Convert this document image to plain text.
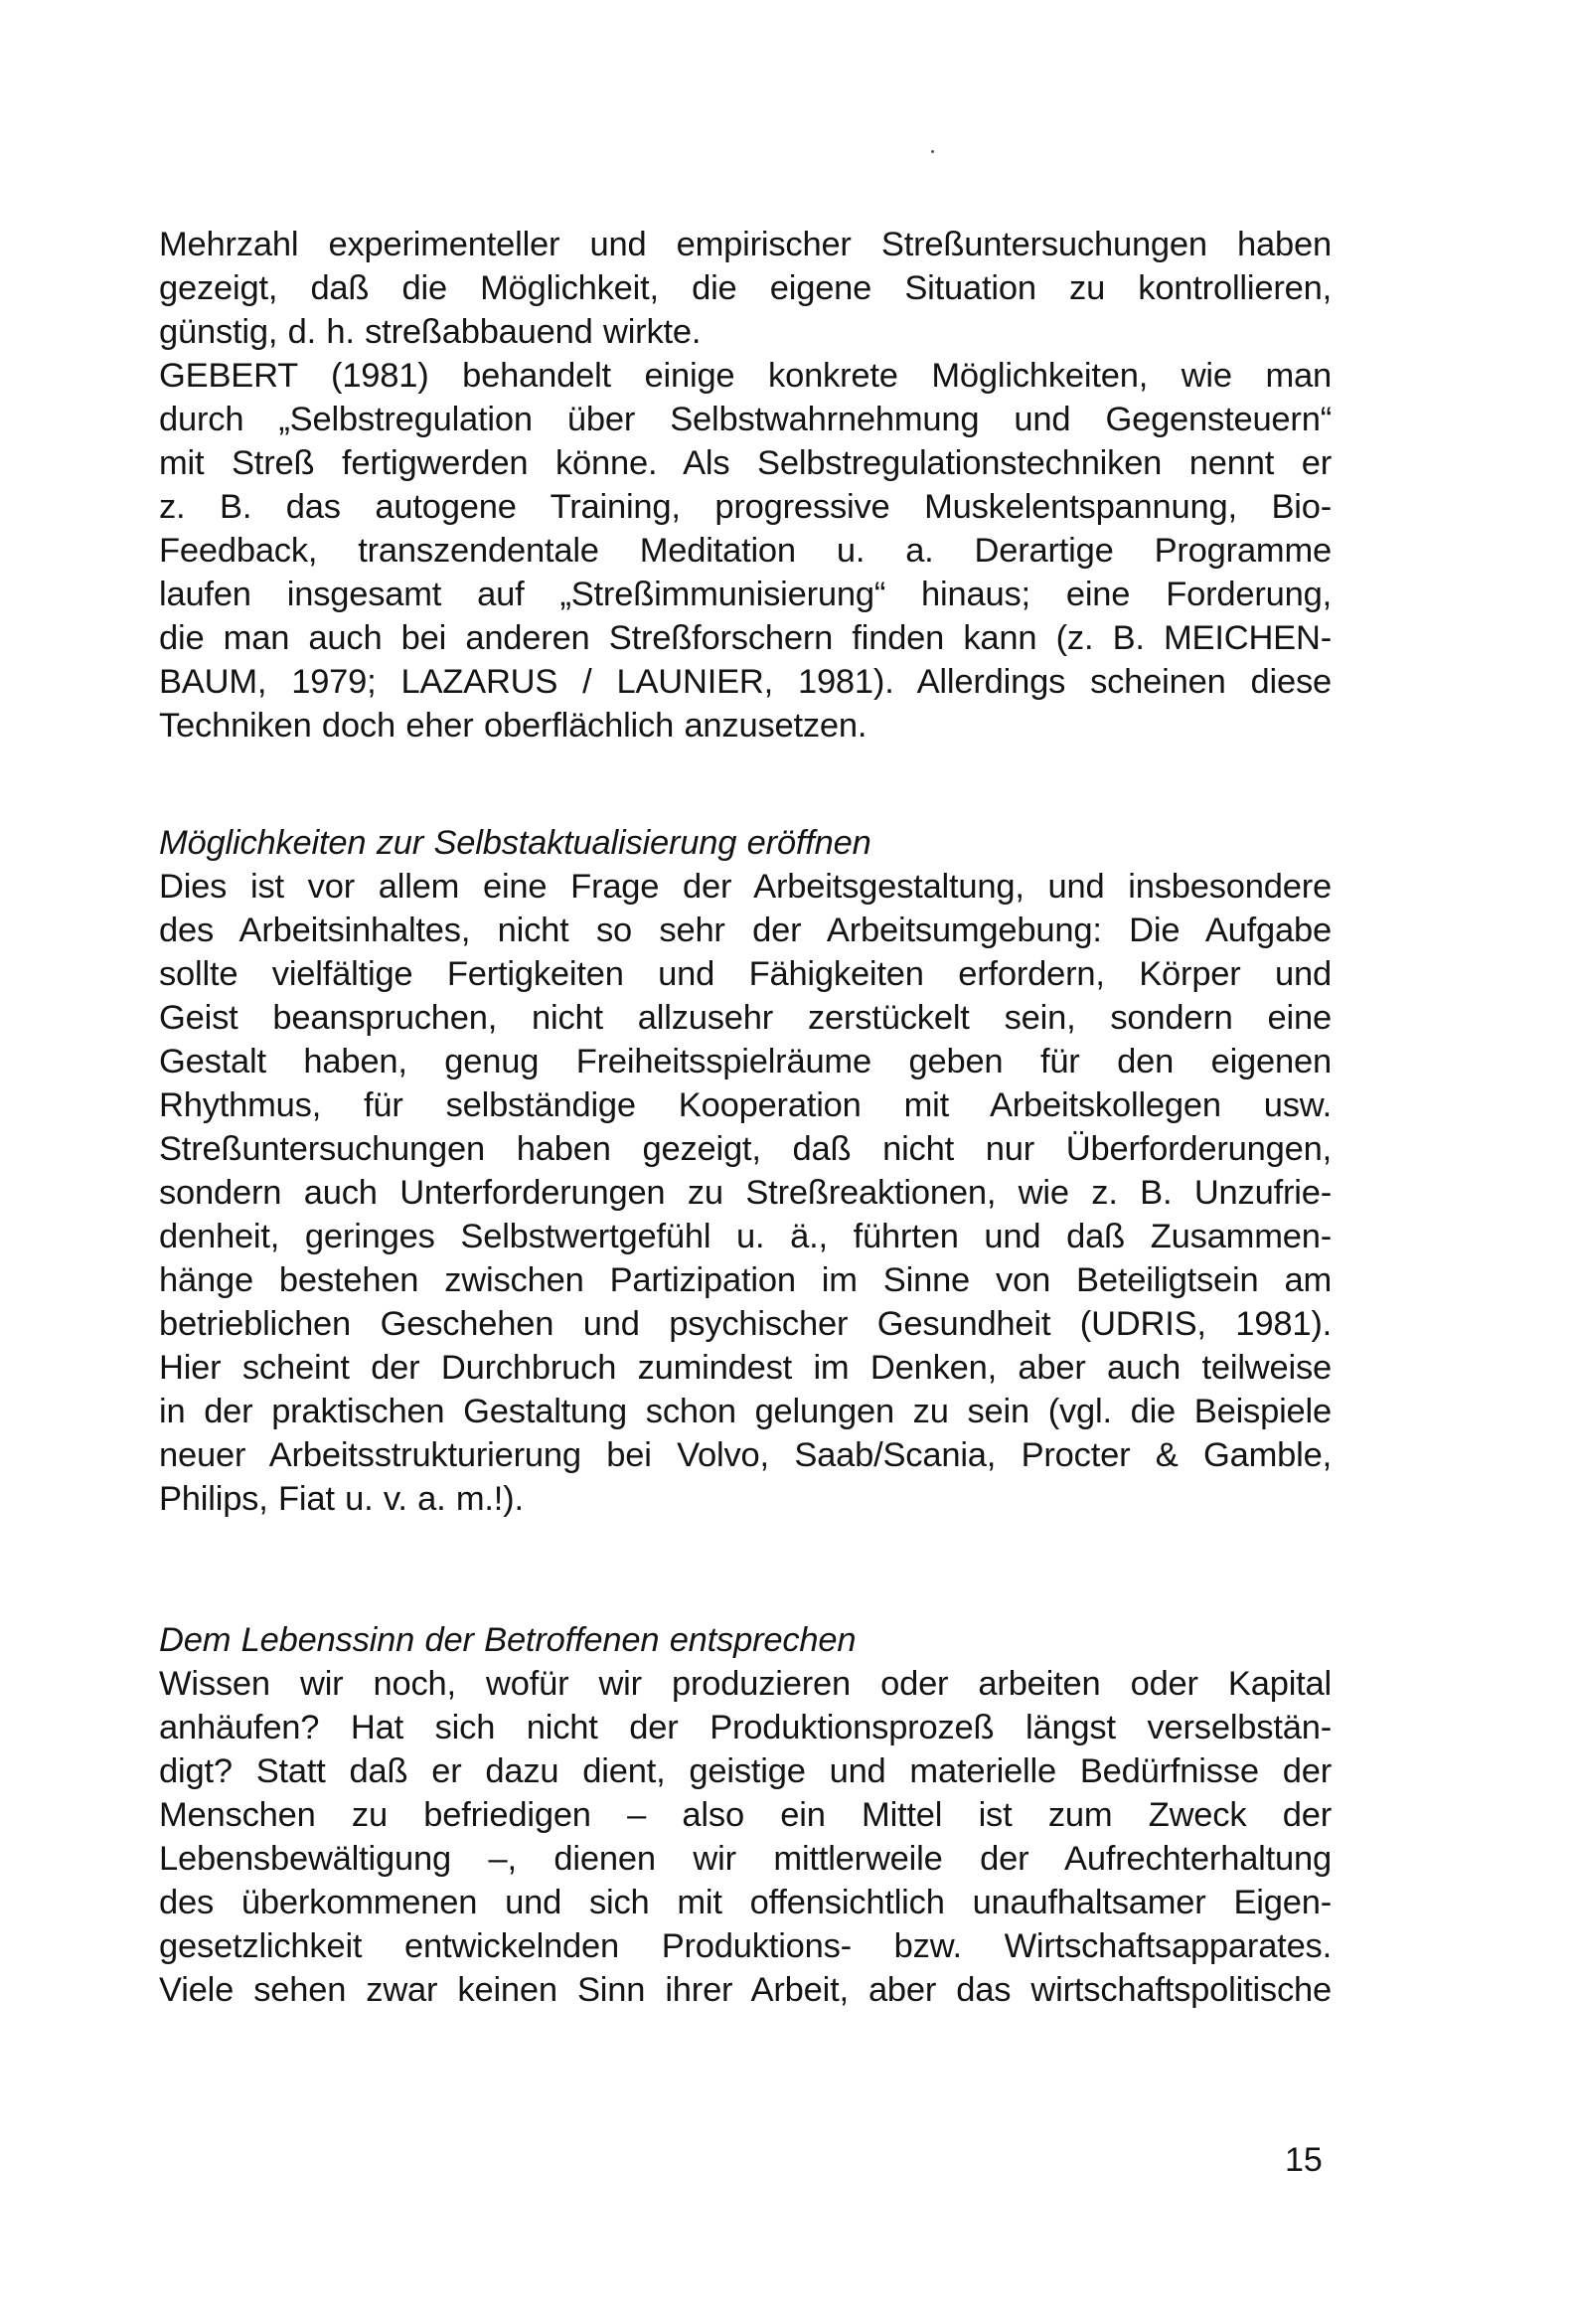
Mehrzahl experimenteller und empirischer Streßuntersuchungen haben
gezeigt, daß die Möglichkeit, die eigene Situation zu kontrollieren,
günstig, d. h. streßabbauend wirkte.
GEBERT (1981) behandelt einige konkrete Möglichkeiten, wie man
durch „Selbstregulation über Selbstwahrnehmung und Gegensteuern“
mit Streß fertigwerden könne. Als Selbstregulationstechniken nennt er
z. B. das autogene Training, progressive Muskelentspannung, Bio-
Feedback, transzendentale Meditation u. a. Derartige Programme
laufen insgesamt auf „Streßimmunisierung“ hinaus; eine Forderung,
die man auch bei anderen Streßforschern finden kann (z. B. MEICHEN-
BAUM, 1979; LAZARUS / LAUNIER, 1981). Allerdings scheinen diese
Techniken doch eher oberflächlich anzusetzen.
Möglichkeiten zur Selbstaktualisierung eröffnen
Dies ist vor allem eine Frage der Arbeitsgestaltung, und insbesondere
des Arbeitsinhaltes, nicht so sehr der Arbeitsumgebung: Die Aufgabe
sollte vielfältige Fertigkeiten und Fähigkeiten erfordern, Körper und
Geist beanspruchen, nicht allzusehr zerstückelt sein, sondern eine
Gestalt haben, genug Freiheitsspielräume geben für den eigenen
Rhythmus, für selbständige Kooperation mit Arbeitskollegen usw.
Streßuntersuchungen haben gezeigt, daß nicht nur Überforderungen,
sondern auch Unterforderungen zu Streßreaktionen, wie z. B. Unzufrie-
denheit, geringes Selbstwertgefühl u. ä., führten und daß Zusammen-
hänge bestehen zwischen Partizipation im Sinne von Beteiligtsein am
betrieblichen Geschehen und psychischer Gesundheit (UDRIS, 1981).
Hier scheint der Durchbruch zumindest im Denken, aber auch teilweise
in der praktischen Gestaltung schon gelungen zu sein (vgl. die Beispiele
neuer Arbeitsstrukturierung bei Volvo, Saab/Scania, Procter & Gamble,
Philips, Fiat u. v. a. m.!).
Dem Lebenssinn der Betroffenen entsprechen
Wissen wir noch, wofür wir produzieren oder arbeiten oder Kapital
anhäufen? Hat sich nicht der Produktionsprozeß längst verselbstän-
digt? Statt daß er dazu dient, geistige und materielle Bedürfnisse der
Menschen zu befriedigen – also ein Mittel ist zum Zweck der
Lebensbewältigung –, dienen wir mittlerweile der Aufrechterhaltung
des überkommenen und sich mit offensichtlich unaufhaltsamer Eigen-
gesetzlichkeit entwickelnden Produktions- bzw. Wirtschaftsapparates.
Viele sehen zwar keinen Sinn ihrer Arbeit, aber das wirtschaftspolitische
15
